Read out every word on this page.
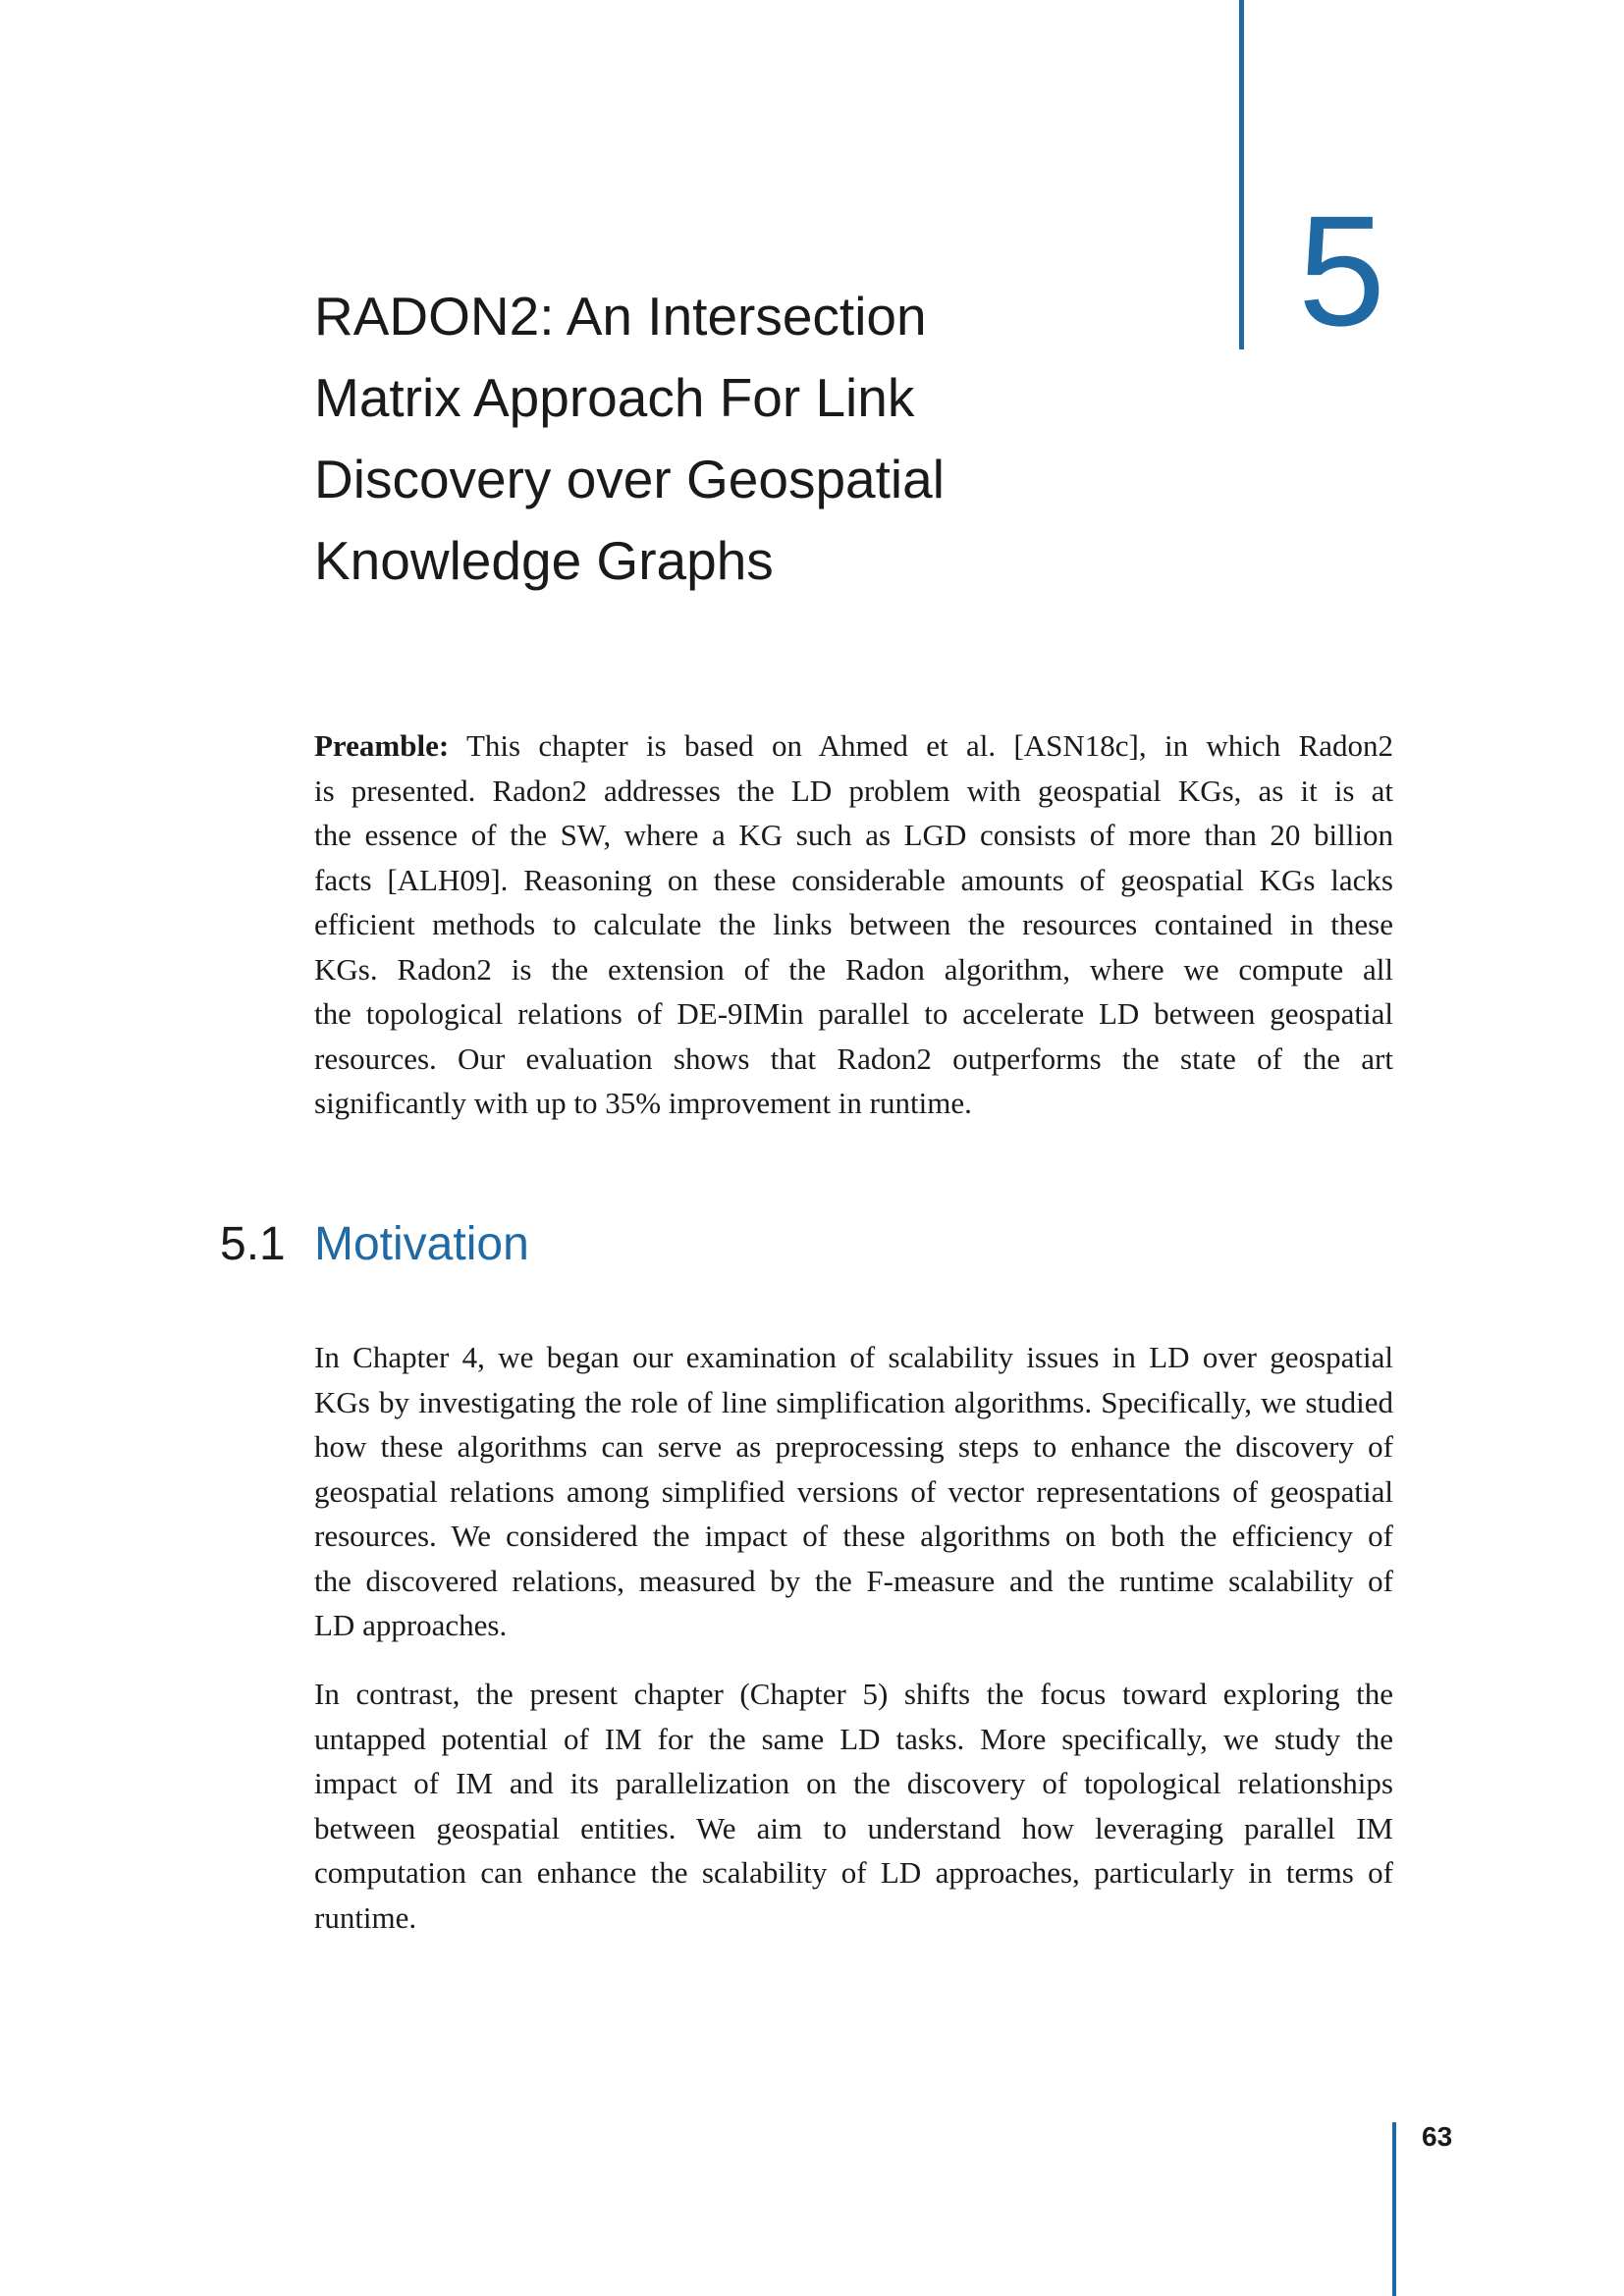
5
RADON2: An Intersection
Matrix Approach For Link
Discovery over Geospatial
Knowledge Graphs
Preamble: This chapter is based on Ahmed et al. [ASN18c], in which Radon2
is presented. Radon2 addresses the LD problem with geospatial KGs, as it is at
the essence of the SW, where a KG such as LGD consists of more than 20 billion
facts [ALH09]. Reasoning on these considerable amounts of geospatial KGs lacks
efficient methods to calculate the links between the resources contained in these
KGs. Radon2 is the extension of the Radon algorithm, where we compute all
the topological relations of DE-9IMin parallel to accelerate LD between geospatial
resources. Our evaluation shows that Radon2 outperforms the state of the art
significantly with up to 35% improvement in runtime.
5.1 Motivation
In Chapter 4, we began our examination of scalability issues in LD over geospatial
KGs by investigating the role of line simplification algorithms. Specifically, we studied
how these algorithms can serve as preprocessing steps to enhance the discovery of
geospatial relations among simplified versions of vector representations of geospatial
resources. We considered the impact of these algorithms on both the efficiency of
the discovered relations, measured by the F-measure and the runtime scalability of
LD approaches.
In contrast, the present chapter (Chapter 5) shifts the focus toward exploring the
untapped potential of IM for the same LD tasks. More specifically, we study the
impact of IM and its parallelization on the discovery of topological relationships
between geospatial entities. We aim to understand how leveraging parallel IM
computation can enhance the scalability of LD approaches, particularly in terms of
runtime.
63
